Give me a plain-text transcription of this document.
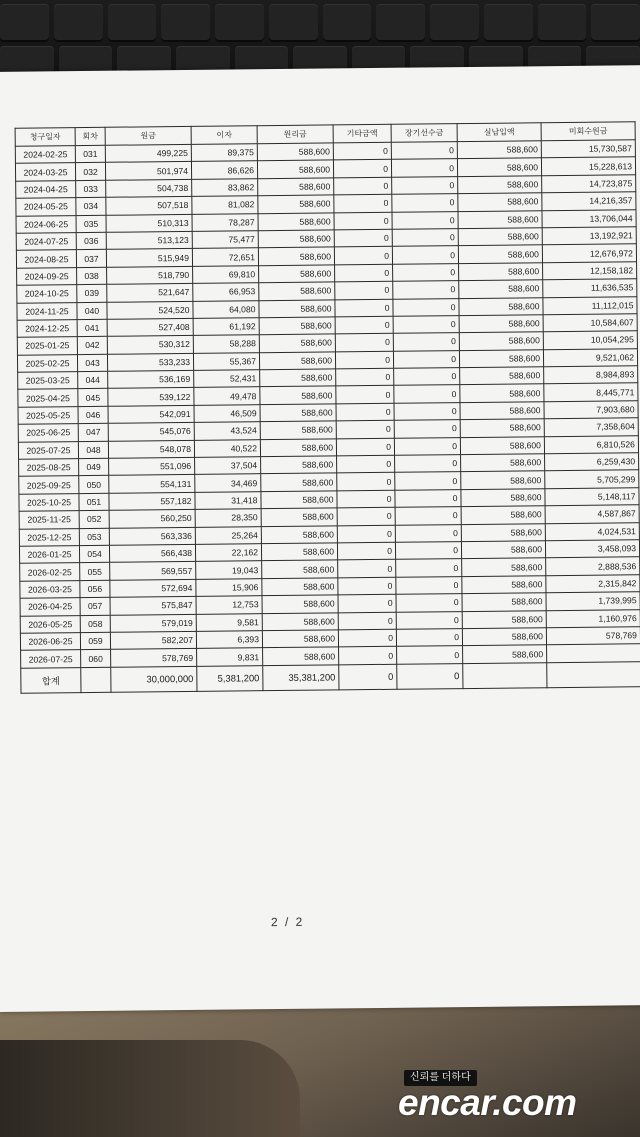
청구일자	회차	원금	이자	원리금	기타금액	장기선수금	실납입액	미회수원금
2024-02-25	031	499,225	89,375	588,600	0	0	588,600	15,730,587
2024-03-25	032	501,974	86,626	588,600	0	0	588,600	15,228,613
2024-04-25	033	504,738	83,862	588,600	0	0	588,600	14,723,875
2024-05-25	034	507,518	81,082	588,600	0	0	588,600	14,216,357
2024-06-25	035	510,313	78,287	588,600	0	0	588,600	13,706,044
2024-07-25	036	513,123	75,477	588,600	0	0	588,600	13,192,921
2024-08-25	037	515,949	72,651	588,600	0	0	588,600	12,676,972
2024-09-25	038	518,790	69,810	588,600	0	0	588,600	12,158,182
2024-10-25	039	521,647	66,953	588,600	0	0	588,600	11,636,535
2024-11-25	040	524,520	64,080	588,600	0	0	588,600	11,112,015
2024-12-25	041	527,408	61,192	588,600	0	0	588,600	10,584,607
2025-01-25	042	530,312	58,288	588,600	0	0	588,600	10,054,295
2025-02-25	043	533,233	55,367	588,600	0	0	588,600	9,521,062
2025-03-25	044	536,169	52,431	588,600	0	0	588,600	8,984,893
2025-04-25	045	539,122	49,478	588,600	0	0	588,600	8,445,771
2025-05-25	046	542,091	46,509	588,600	0	0	588,600	7,903,680
2025-06-25	047	545,076	43,524	588,600	0	0	588,600	7,358,604
2025-07-25	048	548,078	40,522	588,600	0	0	588,600	6,810,526
2025-08-25	049	551,096	37,504	588,600	0	0	588,600	6,259,430
2025-09-25	050	554,131	34,469	588,600	0	0	588,600	5,705,299
2025-10-25	051	557,182	31,418	588,600	0	0	588,600	5,148,117
2025-11-25	052	560,250	28,350	588,600	0	0	588,600	4,587,867
2025-12-25	053	563,336	25,264	588,600	0	0	588,600	4,024,531
2026-01-25	054	566,438	22,162	588,600	0	0	588,600	3,458,093
2026-02-25	055	569,557	19,043	588,600	0	0	588,600	2,888,536
2026-03-25	056	572,694	15,906	588,600	0	0	588,600	2,315,842
2026-04-25	057	575,847	12,753	588,600	0	0	588,600	1,739,995
2026-05-25	058	579,019	9,581	588,600	0	0	588,600	1,160,976
2026-06-25	059	582,207	6,393	588,600	0	0	588,600	578,769
2026-07-25	060	578,769	9,831	588,600	0	0	588,600	
합계		30,000,000	5,381,200	35,381,200	0	0		
2 / 2
신뢰를 더하다
encar.com
